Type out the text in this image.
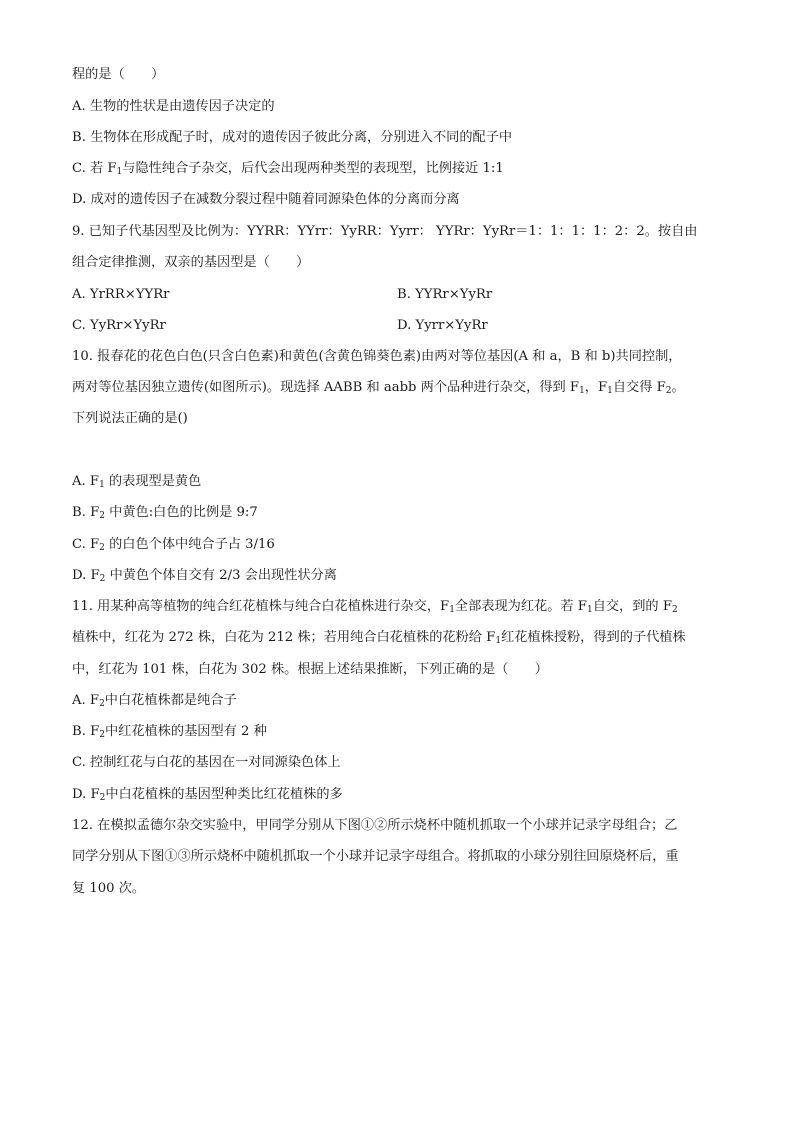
程的是（　　）
A. 生物的性状是由遗传因子决定的
B. 生物体在形成配子时，成对的遗传因子彼此分离，分别进入不同的配子中
C. 若 $F_1$与隐性纯合子杂交，后代会出现两种类型的表现型，比例接近 1:1
D. 成对的遗传因子在减数分裂过程中随着同源染色体的分离而分离
9. 已知子代基因型及比例为：YYRR：YYrr：YyRR：Yyrr： YYRr：YyRr＝1：1：1：1：2：2。按自由
组合定律推测，双亲的基因型是（　　）
A. YrRR×YYRr	B. YYRr×YyRr
C. YyRr×YyRr	D. Yyrr×YyRr
10. 报春花的花色白色(只含白色素)和黄色(含黄色锦葵色素)由两对等位基因(A 和 a，B 和 b)共同控制，
两对等位基因独立遗传(如图所示)。现选择 AABB 和 aabb 两个品种进行杂交，得到 $F_1$，$F_1$自交得 $F_2$。
下列说法正确的是()
A. $F_1$ 的表现型是黄色
B. $F_2$ 中黄色:白色的比例是 9:7
C. $F_2$ 的白色个体中纯合子占 3/16
D. $F_2$ 中黄色个体自交有 2/3 会出现性状分离
11. 用某种高等植物的纯合红花植株与纯合白花植株进行杂交，$F_1$全部表现为红花。若 $F_1$自交，到的 $F_2$
植株中，红花为 272 株，白花为 212 株；若用纯合白花植株的花粉给 $F_1$红花植株授粉，得到的子代植株
中，红花为 101 株，白花为 302 株。根据上述结果推断，下列正确的是（　　）
A. $F_2$中白花植株都是纯合子
B. $F_2$中红花植株的基因型有 2 种
C. 控制红花与白花的基因在一对同源染色体上
D. $F_2$中白花植株的基因型种类比红花植株的多
12. 在模拟孟德尔杂交实验中，甲同学分别从下图①②所示烧杯中随机抓取一个小球并记录字母组合；乙
同学分别从下图①③所示烧杯中随机抓取一个小球并记录字母组合。将抓取的小球分别往回原烧杯后，重
复 100 次。
